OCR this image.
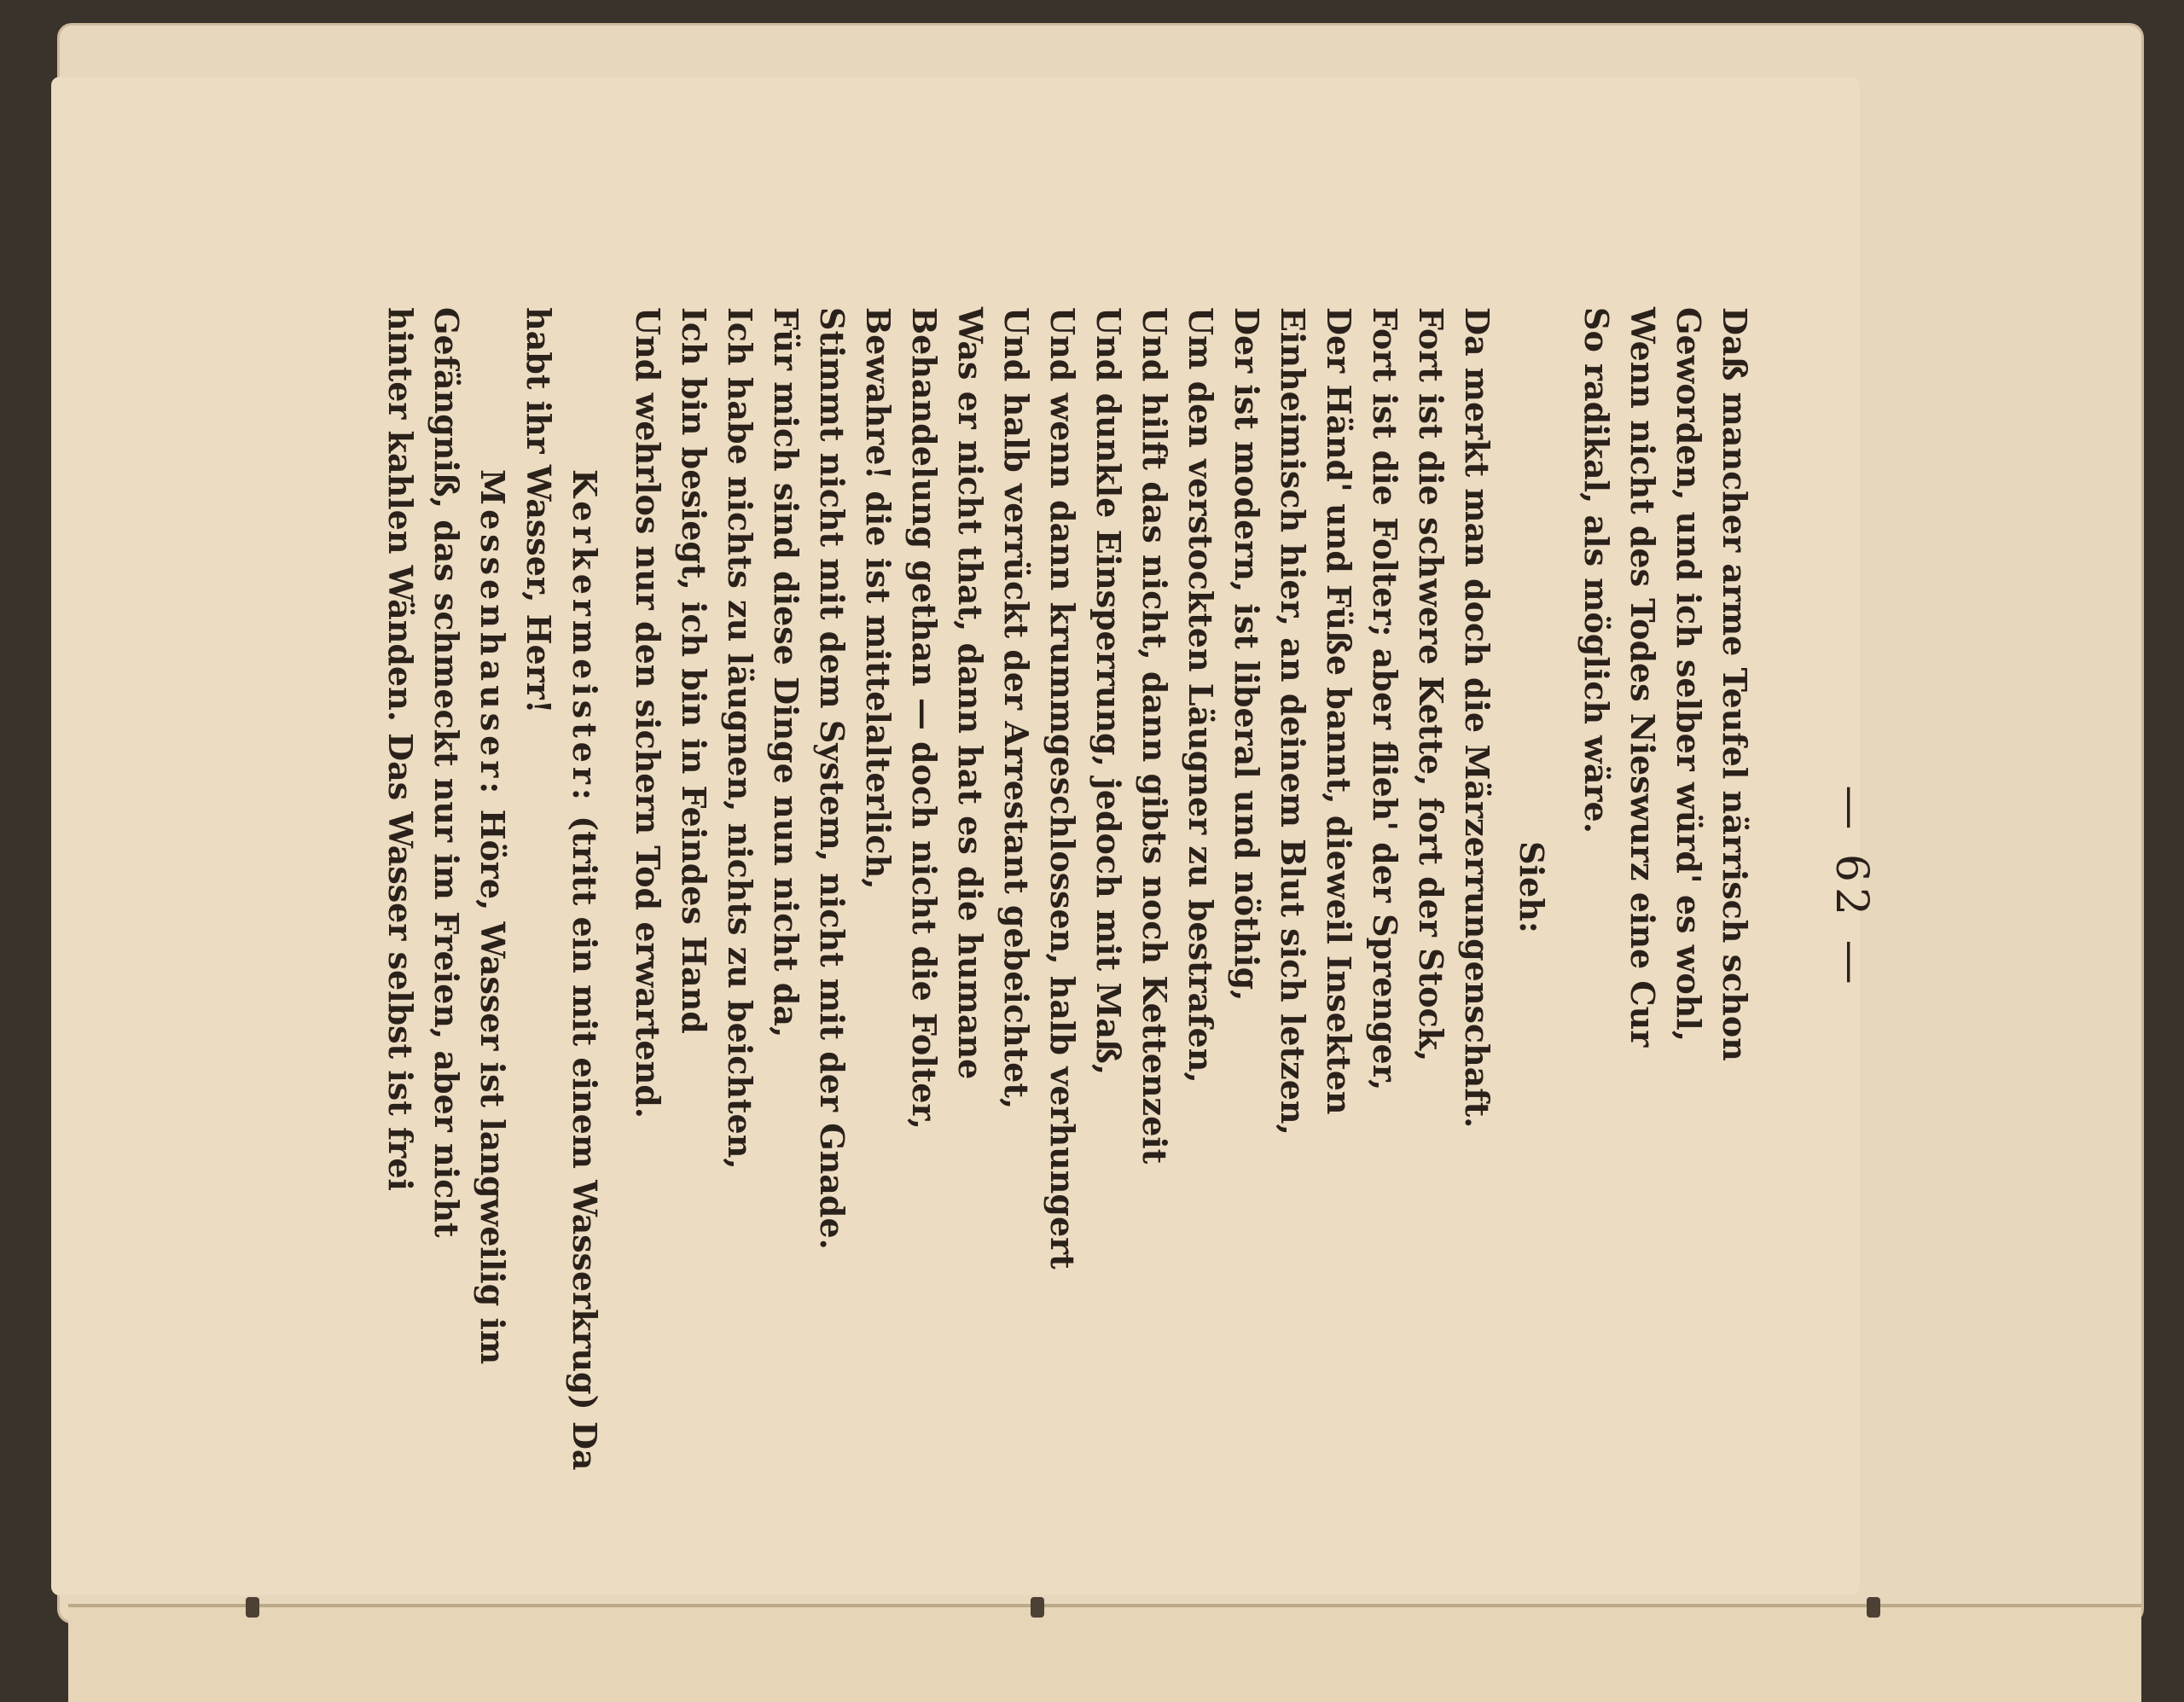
— 62 —
Daß mancher arme Teufel närrisch schon
Geworden, und ich selber würd' es wohl,
Wenn nicht des Todes Nieswurz eine Cur
So radikal, als möglich wäre.
Sieh:
Da merkt man doch die Märzerrungenschaft.
Fort ist die schwere Kette, fort der Stock,
Fort ist die Folter; aber flieh' der Sprenger,
Der Händ' und Füße bannt, dieweil Insekten
Einheimisch hier, an deinem Blut sich letzen,
Der ist modern, ist liberal und nöthig,
Um den verstockten Läugner zu bestrafen,
Und hilft das nicht, dann gibts noch Kettenzeit
Und dunkle Einsperrung, jedoch mit Maß,
Und wenn dann krummgeschlossen, halb verhungert
Und halb verrückt der Arrestant gebeichtet,
Was er nicht that, dann hat es die humane
Behandelung gethan — doch nicht die Folter,
Bewahre! die ist mittelalterlich,
Stimmt nicht mit dem System, nicht mit der Gnade.
Für mich sind diese Dinge nun nicht da,
Ich habe nichts zu läugnen, nichts zu beichten,
Ich bin besiegt, ich bin in Feindes Hand
Und wehrlos nur den sichern Tod erwartend.
Kerkermeister: (tritt ein mit einem Wasserkrug) Da
habt ihr Wasser, Herr!
Messenhauser: Höre, Wasser ist langweilig im
Gefängniß, das schmeckt nur im Freien, aber nicht
hinter kahlen Wänden. Das Wasser selbst ist frei
